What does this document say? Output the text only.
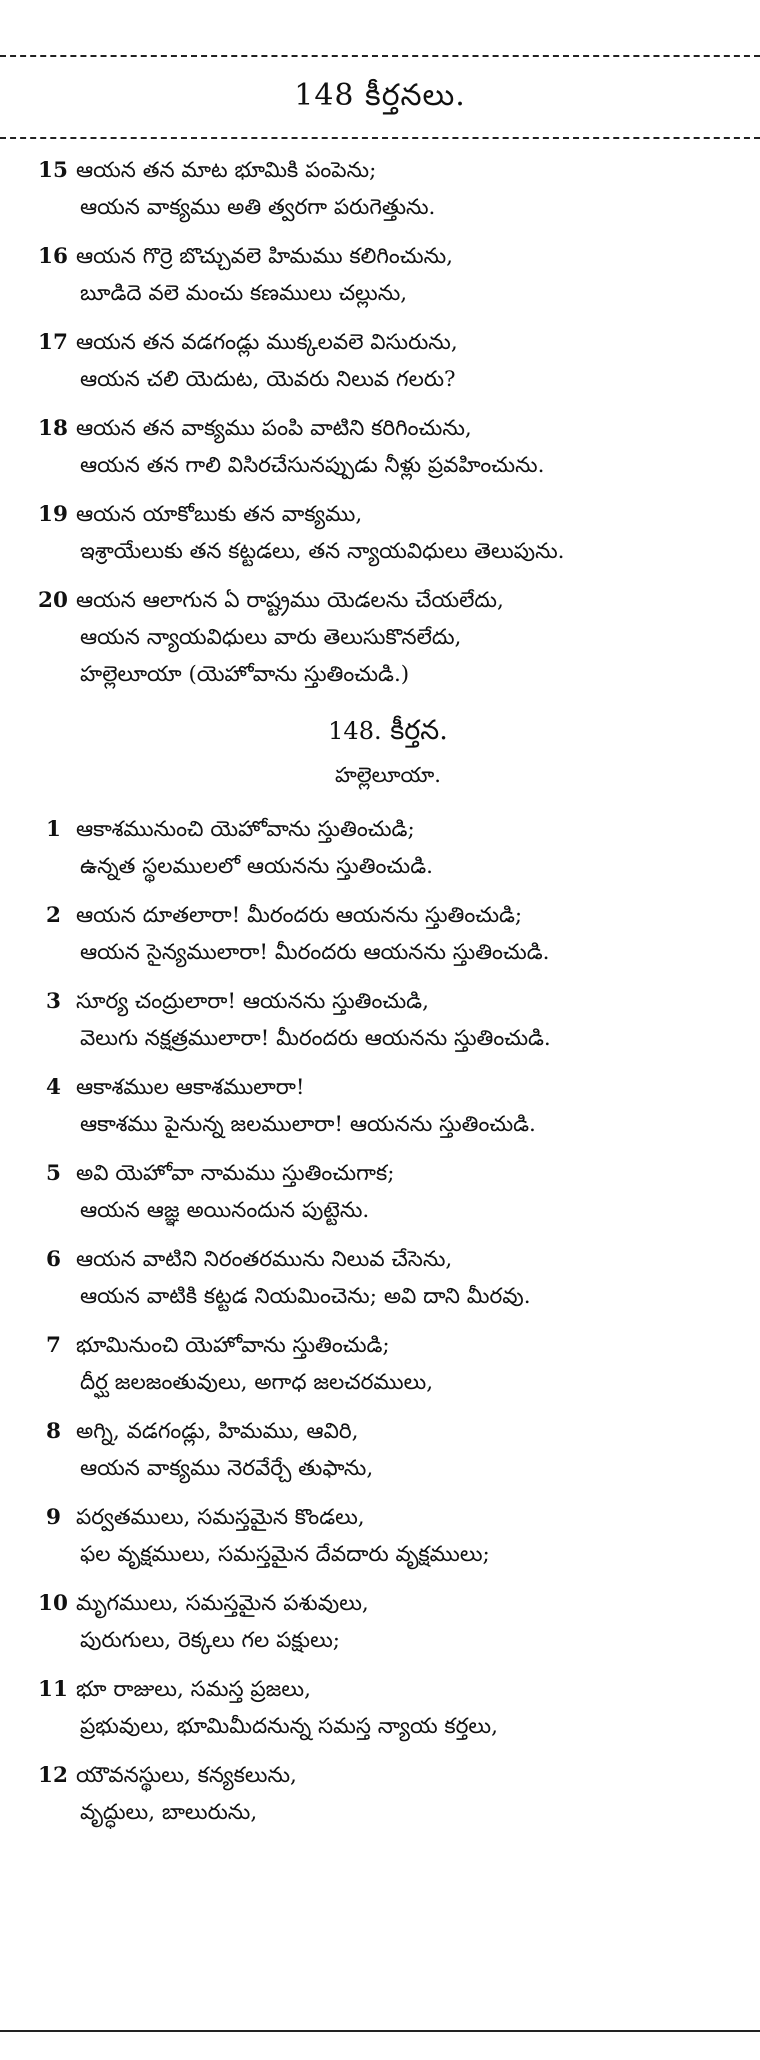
148 కీర్తనలు.
15 ఆయన తన మాట భూమికి పంపెను;
ఆయన వాక్యము అతి త్వరగా పరుగెత్తును.
16 ఆయన గొర్రె బొచ్చువలె హిమము కలిగించును,
బూడిదె వలె మంచు కణములు చల్లును,
17 ఆయన తన వడగండ్లు ముక్కలవలె విసురును,
ఆయన చలి యెదుట, యెవరు నిలువ గలరు?
18 ఆయన తన వాక్యము పంపి వాటిని కరిగించును,
ఆయన తన గాలి విసిరచేసునప్పుడు నీళ్లు ప్రవహించును.
19 ఆయన యాకోబుకు తన వాక్యము,
ఇశ్రాయేలుకు తన కట్టడలు, తన న్యాయవిధులు తెలుపును.
20 ఆయన ఆలాగున ఏ రాష్ట్రము యెడలను చేయలేదు,
ఆయన న్యాయవిధులు వారు తెలుసుకొనలేదు,
హల్లెలూయా (యెహోవాను స్తుతించుడి.)
148. కీర్తన.
హల్లెలూయా.
1 ఆకాశమునుంచి యెహోవాను స్తుతించుడి;
ఉన్నత స్థలములలో ఆయనను స్తుతించుడి.
2 ఆయన దూతలారా! మీరందరు ఆయనను స్తుతించుడి;
ఆయన సైన్యములారా! మీరందరు ఆయనను స్తుతించుడి.
3 సూర్య చంద్రులారా! ఆయనను స్తుతించుడి,
వెలుగు నక్షత్రములారా! మీరందరు ఆయనను స్తుతించుడి.
4 ఆకాశముల ఆకాశములారా!
ఆకాశము పైనున్న జలములారా! ఆయనను స్తుతించుడి.
5 అవి యెహోవా నామము స్తుతించుగాక;
ఆయన ఆజ్ఞ అయినందున పుట్టెను.
6 ఆయన వాటిని నిరంతరమును నిలువ చేసెను,
ఆయన వాటికి కట్టడ నియమించెను; అవి దాని మీరవు.
7 భూమినుంచి యెహోవాను స్తుతించుడి;
దీర్ఘ జలజంతువులు, అగాధ జలచరములు,
8 అగ్ని, వడగండ్లు, హిమము, ఆవిరి,
ఆయన వాక్యము నెరవేర్చే తుఫాను,
9 పర్వతములు, సమస్తమైన కొండలు,
ఫల వృక్షములు, సమస్తమైన దేవదారు వృక్షములు;
10 మృగములు, సమస్తమైన పశువులు,
పురుగులు, రెక్కలు గల పక్షులు;
11 భూ రాజులు, సమస్త ప్రజలు,
ప్రభువులు, భూమిమీదనున్న సమస్త న్యాయ కర్తలు,
12 యౌవనస్థులు, కన్యకలును,
వృద్ధులు, బాలురును,
